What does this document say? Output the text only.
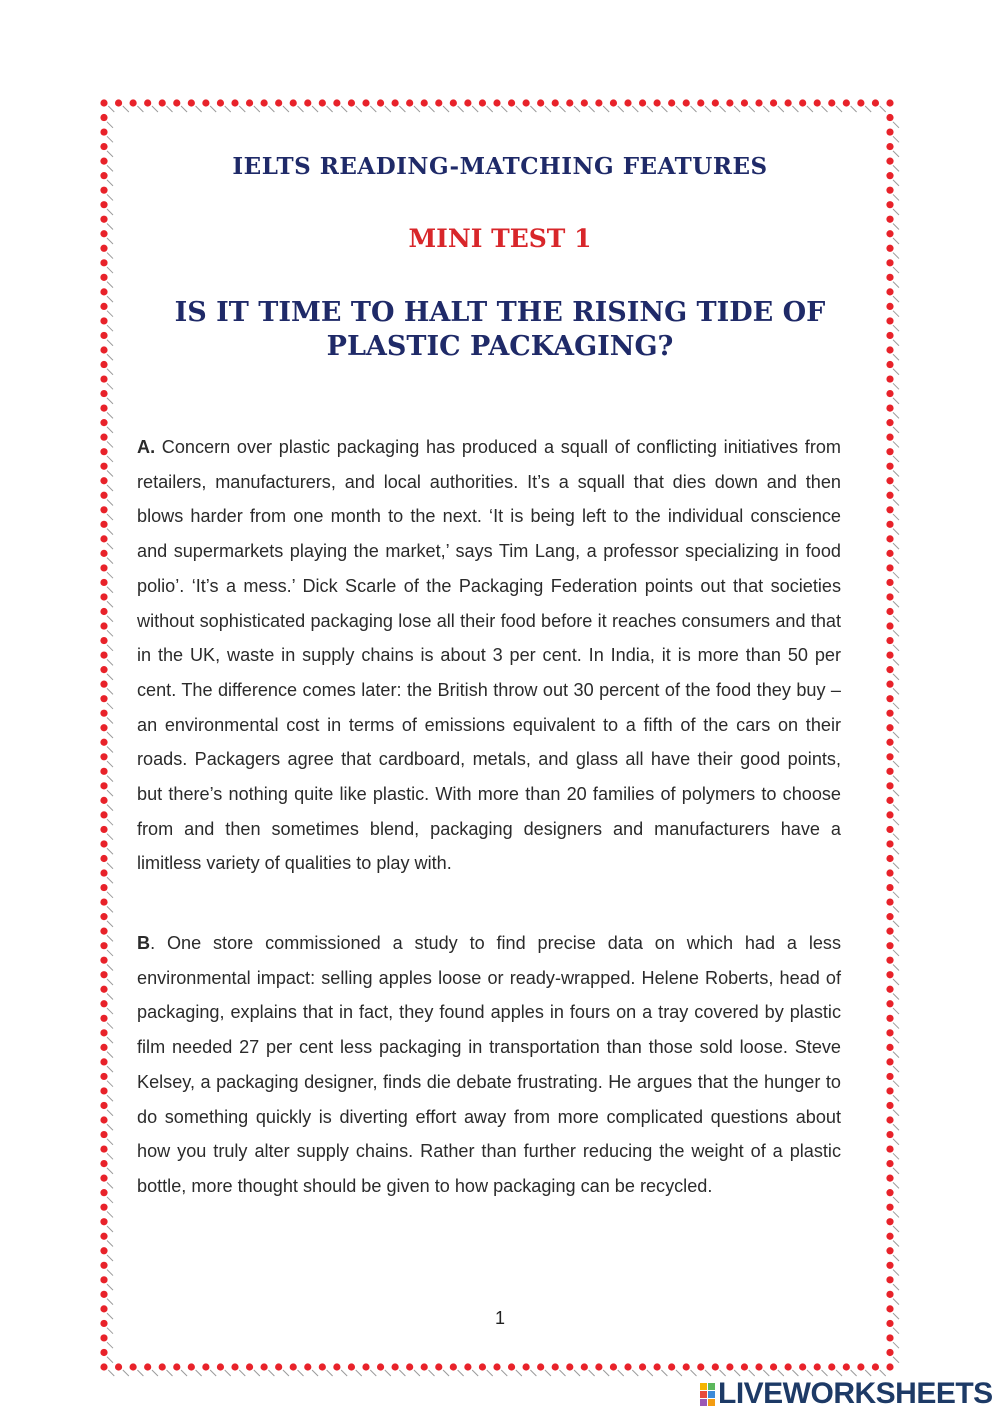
IELTS READING-MATCHING FEATURES
MINI TEST 1
IS IT TIME TO HALT THE RISING TIDE OF PLASTIC PACKAGING?

A. Concern over plastic packaging has produced a squall of conflicting initiatives from retailers, manufacturers, and local authorities. It’s a squall that dies down and then blows harder from one month to the next. ‘It is being left to the individual conscience and supermarkets playing the market,’ says Tim Lang, a professor specializing in food polio’. ‘It’s a mess.’ Dick Scarle of the Packaging Federation points out that societies without sophisticated packaging lose all their food before it reaches consumers and that in the UK, waste in supply chains is about 3 per cent. In India, it is more than 50 per cent. The difference comes later: the British throw out 30 percent of the food they buy – an environmental cost in terms of emissions equivalent to a fifth of the cars on their roads. Packagers agree that cardboard, metals, and glass all have their good points, but there’s nothing quite like plastic. With more than 20 families of polymers to choose from and then sometimes blend, packaging designers and manufacturers have a limitless variety of qualities to play with.

B. One store commissioned a study to find precise data on which had a less environmental impact: selling apples loose or ready-wrapped. Helene Roberts, head of packaging, explains that in fact, they found apples in fours on a tray covered by plastic film needed 27 per cent less packaging in transportation than those sold loose. Steve Kelsey, a packaging designer, finds die debate frustrating. He argues that the hunger to do something quickly is diverting effort away from more complicated questions about how you truly alter supply chains. Rather than further reducing the weight of a plastic bottle, more thought should be given to how packaging can be recycled.

1
LIVEWORKSHEETS
